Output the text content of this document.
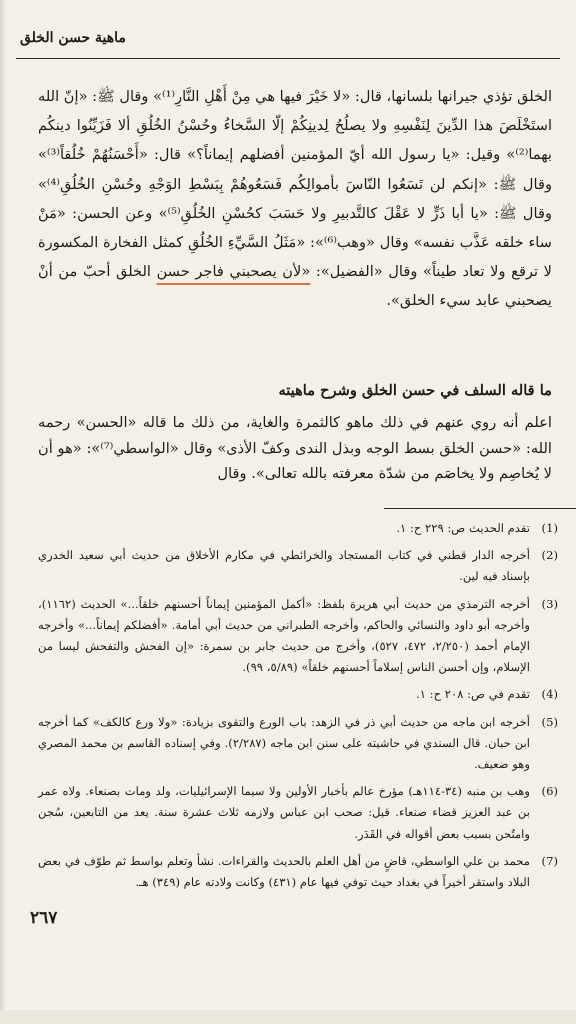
ماهية حسن الخلق

الخلق تؤذي جيرانها بلسانها، قال: «لا خَيْرَ فيها هي مِنْ أَهْلِ النَّارِ⁽¹⁾» وقال ﷺ: «إنّ الله استَخْلَصَ هذا الدِّينَ لِنَفْسِهِ ولا يصلُحُ لِدينِكُمْ إلّا السَّخاءُ وحُسْنُ الخُلُقِ ألا فَزَيِّنُوا دينكُم بهما⁽²⁾» وقيل: «يا رسول الله أيّ المؤمنين أفضلهم إيماناً؟» قال: «أَحْسَنُهُمْ خُلُقاً⁽³⁾» وقال ﷺ: «إنكم لن تَسَعُوا النّاسَ بأموالِكُم فَسَعُوهُمْ بِبَسْطِ الوَجْهِ وحُسْنِ الخُلُقِ⁽⁴⁾» وقال ﷺ: «يا أبا ذَرٍّ لا عَقْلَ كالتَّدبيرِ ولا حَسَبَ كحُسْنِ الخُلُقِ⁽⁵⁾» وعن الحسن: «مَنْ ساء خلقه عَذَّب نفسه» وقال «وهب⁽⁶⁾»: «مَثَلُ السَّيِّءِ الخُلُقِ كمثل الفخارة المكسورة لا ترقع ولا تعاد طيناً» وقال «الفضيل»: «لأن يصحبني فاجر حسن الخلق أحبّ من أنْ يصحبني عابد سيء الخلق».

ما قاله السلف في حسن الخلق وشرح ماهيته

اعلم أنه روي عنهم في ذلك ماهو كالثمرة والغاية، من ذلك ما قاله «الحسن» رحمه الله: «حسن الخلق بسط الوجه وبذل الندى وكفّ الأذى» وقال «الواسطي⁽⁷⁾»: «هو أن لا يُخاصِم ولا يخاصَم من شدّة معرفته بالله تعالى». وقال

(1)
تقدم الحديث ص: ٢٢٩ ح: ١.
(2)
أخرجه الدار قطني في كتاب المستجاد والخرائطي في مكارم الأخلاق من حديث أبي سعيد الخدري بإسناد فيه لين.
(3)
أخرجه الترمذي من حديث أبي هريرة بلفظ: «أكمل المؤمنين إيماناً أحسنهم خلقاً...» الحديث (١١٦٢)، وأخرجه أبو داود والنسائي والحاكم، وأخرجه الطبراني من حديث أبي أمامة. «أفضلكم إيماناً...» وأخرجه الإمام أحمد (٢/٢٥٠، ٤٧٢، ٥٢٧)، وأخرج من حديث جابر بن سمرة: «إن الفحش والتفحش ليسا من الإسلام، وإن أحسن الناس إسلاماً أحسنهم خلقاً» (٥/٨٩، ٩٩).
(4)
تقدم في ص: ٢٠٨ ح: ١.
(5)
أخرجه ابن ماجه من حديث أبي ذر في الزهد: باب الورع والتقوى بزيادة: «ولا ورع كالكف» كما أخرجه ابن حبان. قال السندي في حاشيته على سنن ابن ماجه (٢/٢٨٧). وفي إسناده القاسم بن محمد المصري وهو ضعيف.
(6)
وهب بن منبه (٣٤-١١٤هـ) مؤرخ عالم بأخبار الأولين ولا سيما الإسرائيليات، ولد ومات بصنعاء. ولاه عمر بن عبد العزيز قضاء صنعاء. قيل: صحب ابن عباس ولازمه ثلاث عشرة سنة. يعد من التابعين، سُجن وامتُحن بسبب بعض أقواله في القَدَر.
(7)
محمد بن علي الواسطي، قاضٍ من أهل العلم بالحديث والقراءات. نشأ وتعلم بواسط ثم طوّف في بعض البلاد واستقر أخيراً في بغداد حيث توفي فيها عام (٤٣١) وكانت ولادته عام (٣٤٩) هـ.
٢٦٧
